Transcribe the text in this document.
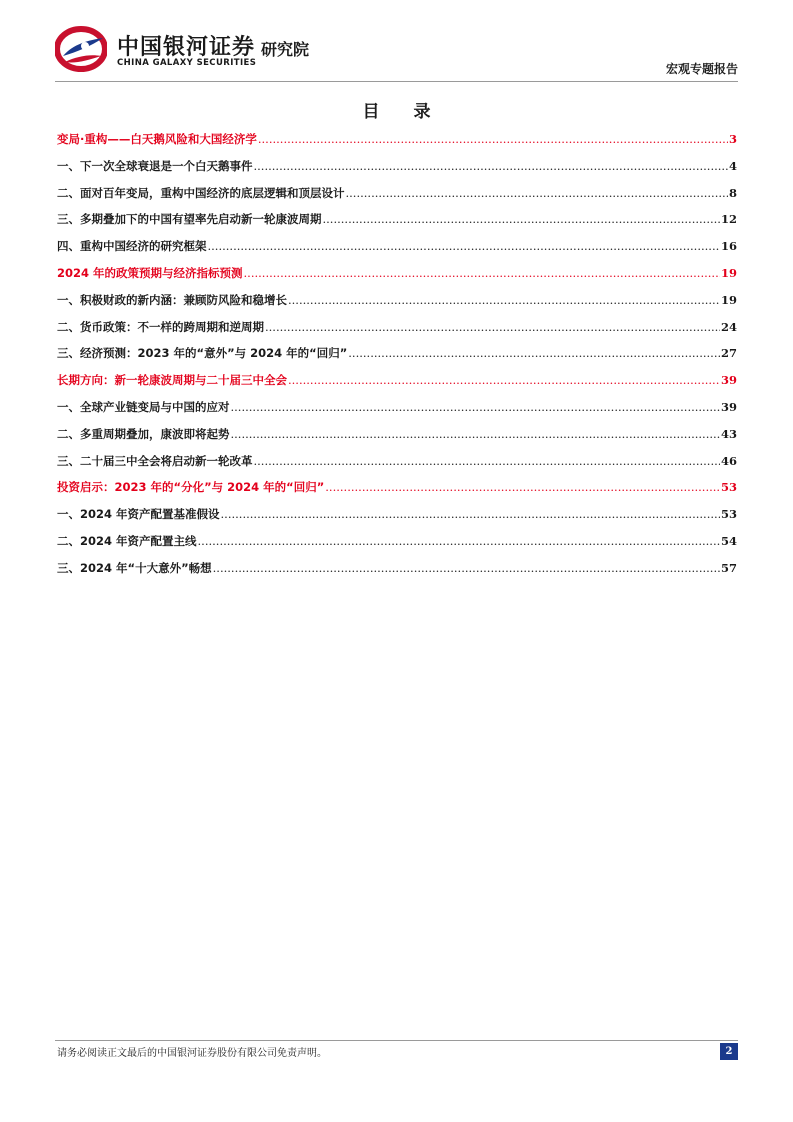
中国银河证券
CHINA GALAXY SECURITIES
研究院
宏观专题报告
目 录
变局·重构——白天鹅风险和大国经济学 .....	3
一、下一次全球衰退是一个白天鹅事件 .....	4
二、面对百年变局，重构中国经济的底层逻辑和顶层设计 .....	8
三、多期叠加下的中国有望率先启动新一轮康波周期 .....	12
四、重构中国经济的研究框架 .....	16
2024 年的政策预期与经济指标预测 .....	19
一、积极财政的新内涵：兼顾防风险和稳增长 .....	19
二、货币政策：不一样的跨周期和逆周期 .....	24
三、经济预测：2023 年的“意外”与 2024 年的“回归” .....	27
长期方向：新一轮康波周期与二十届三中全会 .....	39
一、全球产业链变局与中国的应对 .....	39
二、多重周期叠加，康波即将起势 .....	43
三、二十届三中全会将启动新一轮改革 .....	46
投资启示：2023 年的“分化”与 2024 年的“回归” .....	53
一、2024 年资产配置基准假设 .....	53
二、2024 年资产配置主线 .....	54
三、2024 年“十大意外”畅想 .....	57
请务必阅读正文最后的中国银河证券股份有限公司免责声明。	2
